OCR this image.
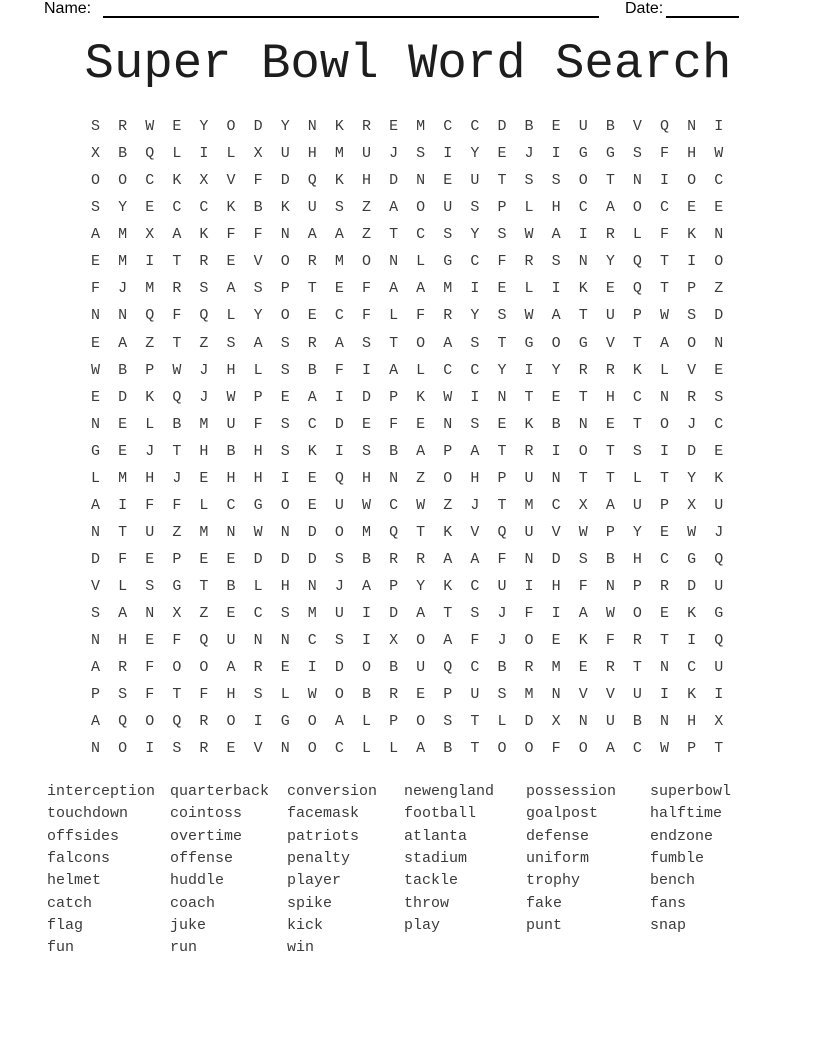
Name:	Date:
Super Bowl Word Search
S	R	W	E	Y	O	D	Y	N	K	R	E	M	C	C	D	B	E	U	B	V	Q	N	I
X	B	Q	L	I	L	X	U	H	M	U	J	S	I	Y	E	J	I	G	G	S	F	H	W
O	O	C	K	X	V	F	D	Q	K	H	D	N	E	U	T	S	S	O	T	N	I	O	C
S	Y	E	C	C	K	B	K	U	S	Z	A	O	U	S	P	L	H	C	A	O	C	E	E
A	M	X	A	K	F	F	N	A	A	Z	T	C	S	Y	S	W	A	I	R	L	F	K	N
E	M	I	T	R	E	V	O	R	M	O	N	L	G	C	F	R	S	N	Y	Q	T	I	O
F	J	M	R	S	A	S	P	T	E	F	A	A	M	I	E	L	I	K	E	Q	T	P	Z
N	N	Q	F	Q	L	Y	O	E	C	F	L	F	R	Y	S	W	A	T	U	P	W	S	D
E	A	Z	T	Z	S	A	S	R	A	S	T	O	A	S	T	G	O	G	V	T	A	O	N
W	B	P	W	J	H	L	S	B	F	I	A	L	C	C	Y	I	Y	R	R	K	L	V	E
E	D	K	Q	J	W	P	E	A	I	D	P	K	W	I	N	T	E	T	H	C	N	R	S
N	E	L	B	M	U	F	S	C	D	E	F	E	N	S	E	K	B	N	E	T	O	J	C
G	E	J	T	H	B	H	S	K	I	S	B	A	P	A	T	R	I	O	T	S	I	D	E
L	M	H	J	E	H	H	I	E	Q	H	N	Z	O	H	P	U	N	T	T	L	T	Y	K
A	I	F	F	L	C	G	O	E	U	W	C	W	Z	J	T	M	C	X	A	U	P	X	U
N	T	U	Z	M	N	W	N	D	O	M	Q	T	K	V	Q	U	V	W	P	Y	E	W	J
D	F	E	P	E	E	D	D	D	S	B	R	R	A	A	F	N	D	S	B	H	C	G	Q
V	L	S	G	T	B	L	H	N	J	A	P	Y	K	C	U	I	H	F	N	P	R	D	U
S	A	N	X	Z	E	C	S	M	U	I	D	A	T	S	J	F	I	A	W	O	E	K	G
N	H	E	F	Q	U	N	N	C	S	I	X	O	A	F	J	O	E	K	F	R	T	I	Q
A	R	F	O	O	A	R	E	I	D	O	B	U	Q	C	B	R	M	E	R	T	N	C	U
P	S	F	T	F	H	S	L	W	O	B	R	E	P	U	S	M	N	V	V	U	I	K	I
A	Q	O	Q	R	O	I	G	O	A	L	P	O	S	T	L	D	X	N	U	B	N	H	X
N	O	I	S	R	E	V	N	O	C	L	L	A	B	T	O	O	F	O	A	C	W	P	T
interception
touchdown
offsides
falcons
helmet
catch
flag
fun
quarterback
cointoss
overtime
offense
huddle
coach
juke
run
conversion
facemask
patriots
penalty
player
spike
kick
win
newengland
football
atlanta
stadium
tackle
throw
play
possession
goalpost
defense
uniform
trophy
fake
punt
superbowl
halftime
endzone
fumble
bench
fans
snap
